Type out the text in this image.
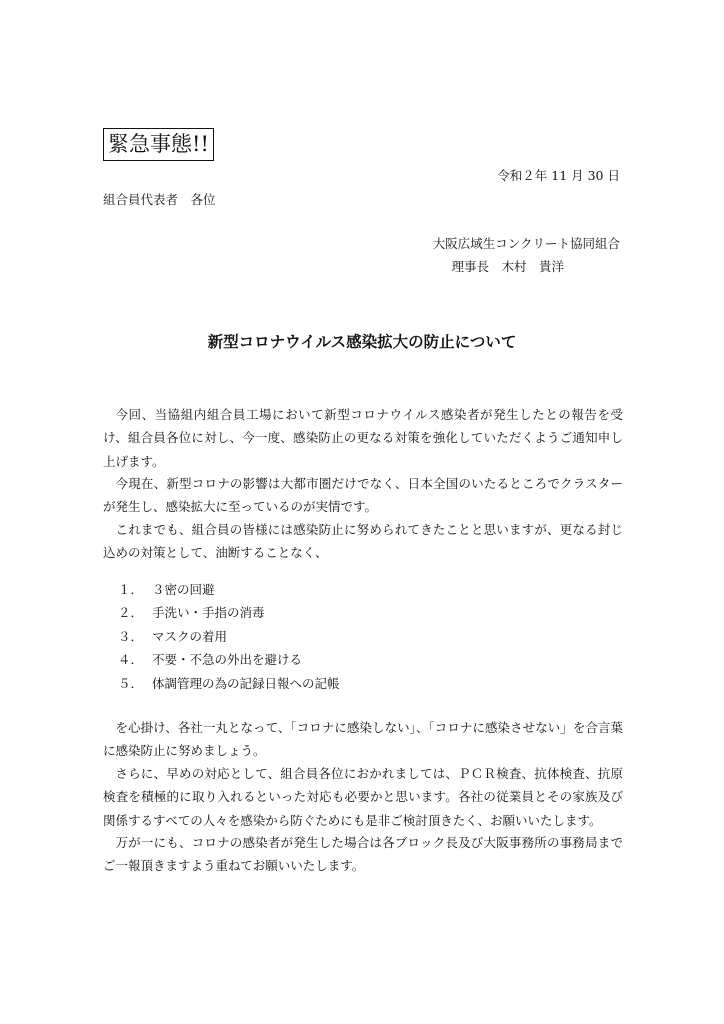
緊急事態!!
令和２年 11 月 30 日
組合員代表者　各位
大阪広域生コンクリート協同組合
理事長　木村　貴洋
新型コロナウイルス感染拡大の防止について

今回、当協組内組合員工場において新型コロナウイルス感染者が発生したとの報告を受け、組合員各位に対し、今一度、感染防止の更なる対策を強化していただくようご通知申し上げます。

今現在、新型コロナの影響は大都市圏だけでなく、日本全国のいたるところでクラスターが発生し、感染拡大に至っているのが実情です。

これまでも、組合員の皆様には感染防止に努められてきたことと思いますが、更なる封じ込めの対策として、油断することなく、

１． ３密の回避
２． 手洗い・手指の消毒
３． マスクの着用
４． 不要・不急の外出を避ける
５． 体調管理の為の記録日報への記帳

を心掛け、各社一丸となって、「コロナに感染しない」、「コロナに感染させない」を合言葉に感染防止に努めましょう。

さらに、早めの対応として、組合員各位におかれましては、ＰＣＲ検査、抗体検査、抗原検査を積極的に取り入れるといった対応も必要かと思います。各社の従業員とその家族及び関係するすべての人々を感染から防ぐためにも是非ご検討頂きたく、お願いいたします。

万が一にも、コロナの感染者が発生した場合は各ブロック長及び大阪事務所の事務局までご一報頂きますよう重ねてお願いいたします。
